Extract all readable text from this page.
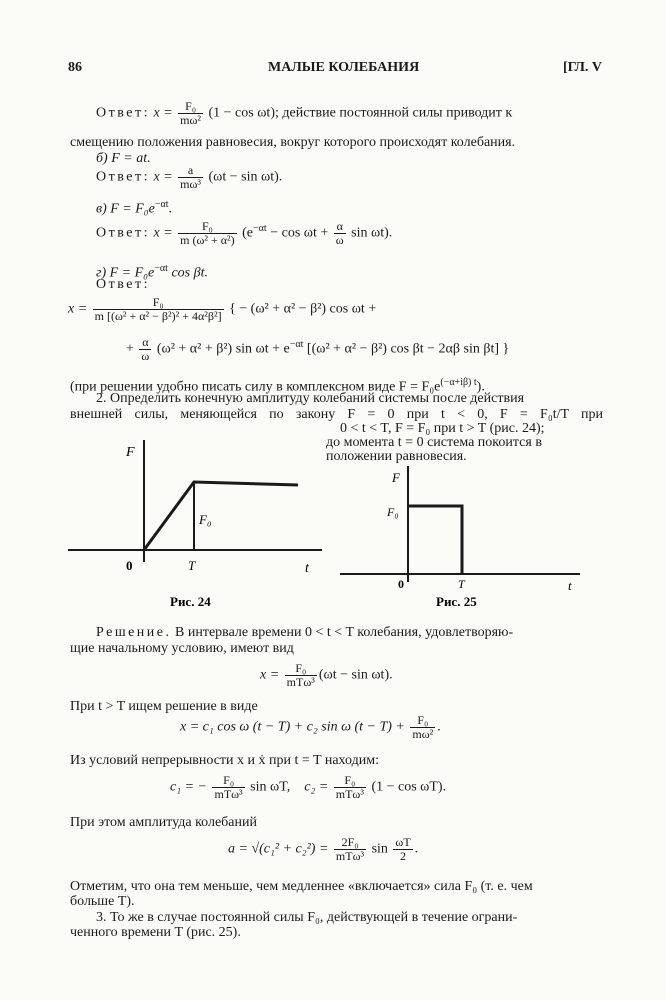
86	МАЛЫЕ КОЛЕБАНИЯ	[ГЛ. V
Ответ: $x = \frac{\text{F₀}}{\text{mω²}} (1 - \cos \omega t)$; действие постоянной силы приводит к
смещению положения равновесия, вокруг которого происходят колебания.
б) F = at.
Ответ: $x = \frac{a}{\text{mω³}} (\omega t - \sin \omega t)$.
в) $F = F_0e^{-\alpha t}$.
Ответ: $x = \frac{\text{F₀}}{\text{m (ω² + α²)}} (e^{-\alpha t} - \cos \omega t + \frac{\alpha}{\omega}$ sin ωt).
г) $F = F_0e^{-\alpha t}$ cos βt.
Ответ:
$x = \frac{\text{F₀}}{\text{m [(ω² + α² − β²)² + 4α²β²]}}$ { − (ω² + α² − β²) cos ωt +
+ $\frac{\alpha}{\omega} (\omega^2 + \alpha^2 + \beta^2)$ $\sin \omega t + e^{-\alpha t}$ [(ω² + α² − β²) cos βt − 2αβ sin βt] }
(при решении удобно писать силу в комплексном виде $F = F_0e^{(-\alpha+i\beta) t}$).
2. Определить конечную амплитуду колебаний системы после действия
внешней силы, меняющейся по закону F = 0 при t < 0, F = F₀t/T при
0 < t < T, F = F₀ при t > T (рис. 24);
до момента t = 0 система покоится в
положении равновесия.
F
t
0	T
F₀
Рис. 24
F
t
0	T
F₀
Рис. 25
Решение. В интервале времени 0 < t < T колебания, удовлетворяю-
щие начальному условию, имеют вид
$x = \frac{\text{F₀}}{\text{mTω³}} (\omega t - \sin \omega t)$.
При t > T ищем решение в виде
x = c₁ cos ω (t − T) + c₂ sin ω $(t - T) + \frac{\text{F₀}}{\text{mω²}}$ .
Из условий непрерывности x и ẋ при t = T находим:
c₁ = − $\frac{\text{F₀}}{\text{mTω³}}$ sin ωT, $c_2 = \frac{\text{F₀}}{\text{mTω³}} (1 - \cos \omega T)$.
При этом амплитуда колебаний
$a = √(c_1^2 + c_2^2) = \frac{\text{2F₀}}{\text{mTω³}}$ $\sin \frac{\omega T}{2}$ .
Отметим, что она тем меньше, чем медленнее «включается» сила F₀ (т. е. чем
больше T).
3. То же в случае постоянной силы F₀, действующей в течение ограни-
ченного времени T (рис. 25).
